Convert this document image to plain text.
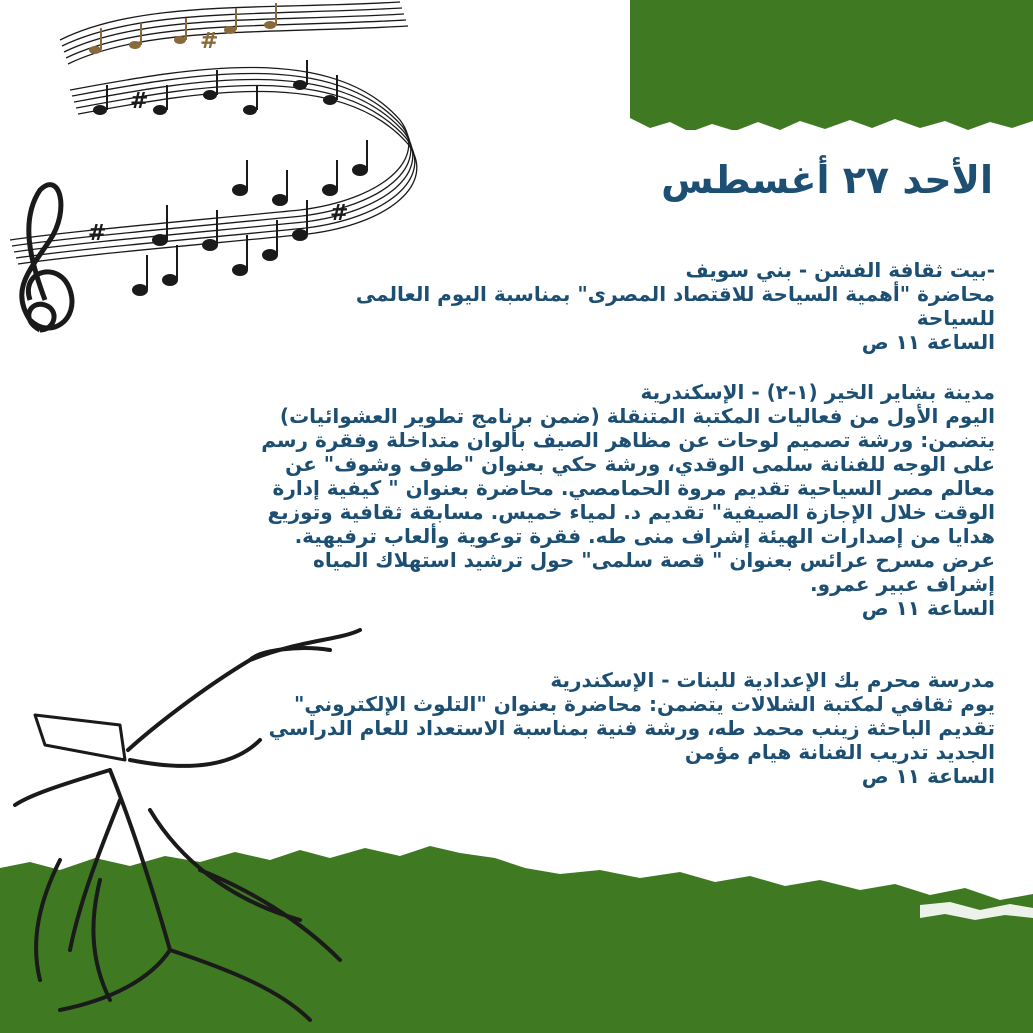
#
#
#
#
الأحد ٢٧ أغسطس
-بيت ثقافة الفشن - بني سويف
محاضرة "أهمية السياحة للاقتصاد المصرى" بمناسبة اليوم العالمى
للسياحة
الساعة ١١ ص
مدينة بشاير الخير (١-٢) - الإسكندرية
اليوم الأول من فعاليات المكتبة المتنقلة (ضمن برنامج تطوير العشوائيات)
يتضمن: ورشة تصميم لوحات عن مظاهر الصيف بألوان متداخلة وفقرة رسم
على الوجه للفنانة سلمى الوقدي، ورشة حكي بعنوان "طوف وشوف" عن
معالم مصر السياحية تقديم مروة الحمامصي. محاضرة بعنوان " كيفية إدارة
الوقت خلال الإجازة الصيفية" تقديم د. لمياء خميس. مسابقة ثقافية وتوزيع
هدايا من إصدارات الهيئة إشراف منى طه. فقرة توعوية وألعاب ترفيهية.
عرض مسرح عرائس بعنوان " قصة سلمى" حول ترشيد استهلاك المياه
إشراف عبير عمرو.
الساعة ١١ ص
مدرسة محرم بك الإعدادية للبنات - الإسكندرية
يوم ثقافي لمكتبة الشلالات يتضمن: محاضرة بعنوان "التلوث الإلكتروني"
تقديم الباحثة زينب محمد طه، ورشة فنية بمناسبة الاستعداد للعام الدراسي
الجديد تدريب الفنانة هيام مؤمن
الساعة ١١ ص
